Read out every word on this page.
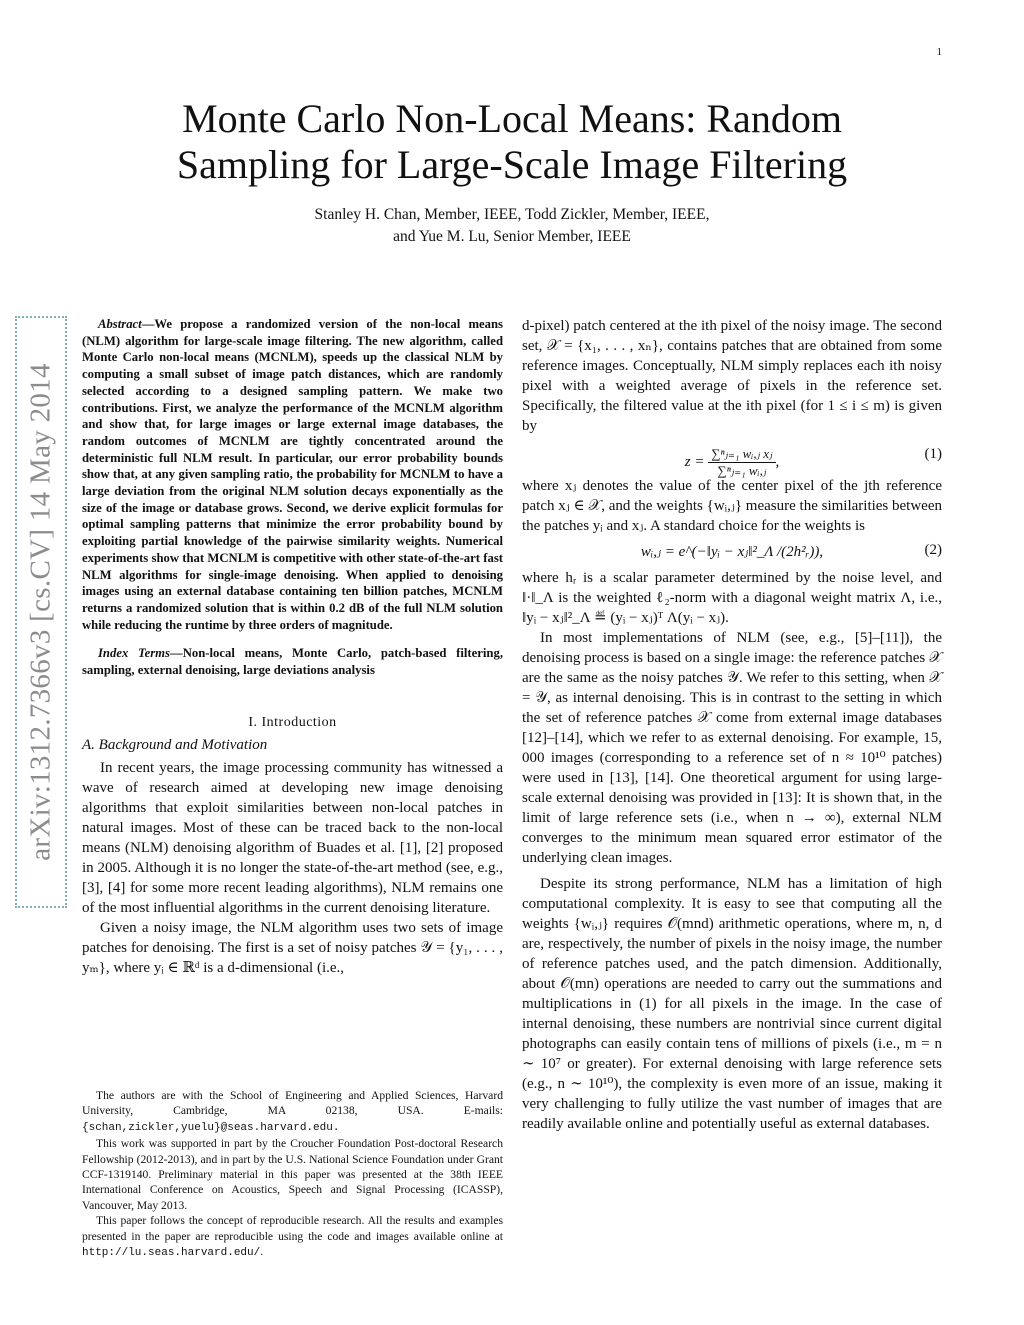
1
arXiv:1312.7366v3 [cs.CV] 14 May 2014
Monte Carlo Non-Local Means: Random
Sampling for Large-Scale Image Filtering
Stanley H. Chan, Member, IEEE, Todd Zickler, Member, IEEE,
and Yue M. Lu, Senior Member, IEEE

Abstract—We propose a randomized version of the non-local means (NLM) algorithm for large-scale image filtering. The new algorithm, called Monte Carlo non-local means (MCNLM), speeds up the classical NLM by computing a small subset of image patch distances, which are randomly selected according to a designed sampling pattern. We make two contributions. First, we analyze the performance of the MCNLM algorithm and show that, for large images or large external image databases, the random outcomes of MCNLM are tightly concentrated around the deterministic full NLM result. In particular, our error probability bounds show that, at any given sampling ratio, the probability for MCNLM to have a large deviation from the original NLM solution decays exponentially as the size of the image or database grows. Second, we derive explicit formulas for optimal sampling patterns that minimize the error probability bound by exploiting partial knowledge of the pairwise similarity weights. Numerical experiments show that MCNLM is competitive with other state-of-the-art fast NLM algorithms for single-image denoising. When applied to denoising images using an external database containing ten billion patches, MCNLM returns a randomized solution that is within 0.2 dB of the full NLM solution while reducing the runtime by three orders of magnitude.

Index Terms—Non-local means, Monte Carlo, patch-based filtering, sampling, external denoising, large deviations analysis

I. Introduction
A. Background and Motivation

In recent years, the image processing community has witnessed a wave of research aimed at developing new image denoising algorithms that exploit similarities between non-local patches in natural images. Most of these can be traced back to the non-local means (NLM) denoising algorithm of Buades et al. [1], [2] proposed in 2005. Although it is no longer the state-of-the-art method (see, e.g., [3], [4] for some more recent leading algorithms), NLM remains one of the most influential algorithms in the current denoising literature.

Given a noisy image, the NLM algorithm uses two sets of image patches for denoising. The first is a set of noisy patches 𝒴 = {y₁, . . . , yₘ}, where yᵢ ∈ ℝᵈ is a d-dimensional (i.e.,

The authors are with the School of Engineering and Applied Sciences, Harvard University, Cambridge, MA 02138, USA. E-mails: {schan,zickler,yuelu}@seas.harvard.edu.

This work was supported in part by the Croucher Foundation Post-doctoral Research Fellowship (2012-2013), and in part by the U.S. National Science Foundation under Grant CCF-1319140. Preliminary material in this paper was presented at the 38th IEEE International Conference on Acoustics, Speech and Signal Processing (ICASSP), Vancouver, May 2013.

This paper follows the concept of reproducible research. All the results and examples presented in the paper are reproducible using the code and images available online at http://lu.seas.harvard.edu/.

d-pixel) patch centered at the ith pixel of the noisy image. The second set, 𝒳 = {x₁, . . . , xₙ}, contains patches that are obtained from some reference images. Conceptually, NLM simply replaces each ith noisy pixel with a weighted average of pixels in the reference set. Specifically, the filtered value at the ith pixel (for 1 ≤ i ≤ m) is given by

$z = \frac{\text{∑ⁿⱼ₌₁ wᵢ,ⱼ xⱼ}}{\text{∑ⁿⱼ₌₁ wᵢ,ⱼ}}$ ,	(1)

where xⱼ denotes the value of the center pixel of the jth reference patch xⱼ ∈ 𝒳, and the weights {wᵢ,ⱼ} measure the similarities between the patches yᵢ and xⱼ. A standard choice for the weights is

wᵢ,ⱼ = e^(−‖yᵢ − xⱼ‖²_Λ /(2h²ᵣ)),	(2)

where hᵣ is a scalar parameter determined by the noise level, and ‖·‖_Λ is the weighted ℓ₂-norm with a diagonal weight matrix Λ, i.e., ‖yᵢ − xⱼ‖²_Λ ≝ (yᵢ − xⱼ)ᵀ Λ(yᵢ − xⱼ).

In most implementations of NLM (see, e.g., [5]–[11]), the denoising process is based on a single image: the reference patches 𝒳 are the same as the noisy patches 𝒴. We refer to this setting, when 𝒳 = 𝒴, as internal denoising. This is in contrast to the setting in which the set of reference patches 𝒳 come from external image databases [12]–[14], which we refer to as external denoising. For example, 15, 000 images (corresponding to a reference set of n ≈ 10¹⁰ patches) were used in [13], [14]. One theoretical argument for using large-scale external denoising was provided in [13]: It is shown that, in the limit of large reference sets (i.e., when n → ∞), external NLM converges to the minimum mean squared error estimator of the underlying clean images.

Despite its strong performance, NLM has a limitation of high computational complexity. It is easy to see that computing all the weights {wᵢ,ⱼ} requires 𝒪(mnd) arithmetic operations, where m, n, d are, respectively, the number of pixels in the noisy image, the number of reference patches used, and the patch dimension. Additionally, about 𝒪(mn) operations are needed to carry out the summations and multiplications in (1) for all pixels in the image. In the case of internal denoising, these numbers are nontrivial since current digital photographs can easily contain tens of millions of pixels (i.e., m = n ∼ 10⁷ or greater). For external denoising with large reference sets (e.g., n ∼ 10¹⁰), the complexity is even more of an issue, making it very challenging to fully utilize the vast number of images that are readily available online and potentially useful as external databases.
